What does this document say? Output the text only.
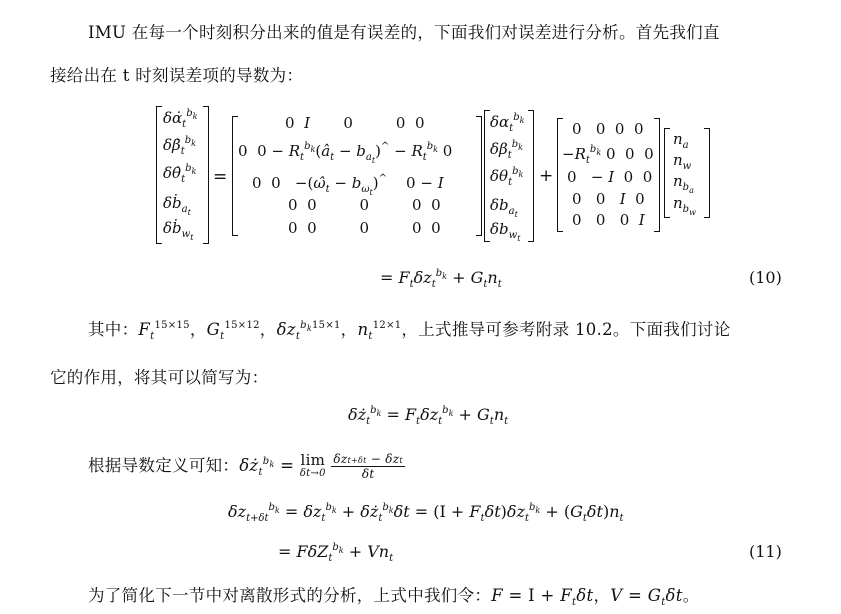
IMU 在每一个时刻积分出来的值是有误差的，下面我们对误差进行分析。首先我们直
接给出在 t 时刻误差项的导数为：
$\delta\alphȧ_t^{b_k}$
$\delta\betȧ_t^{b_k}$
$\delta\thetȧ_t^{b_k}$
δḃ$_{a_t}$
δḃ$_{w_t}$
=
0  I       0         0  0
0  $0 - R_t^{b_k}(â_t - b_{a_t})^{\^{}} - R_t^{b_k}$ 0
0  $0 -(\omegâ_t - b_{\omega_t})^{\^{}}$    0 − I
0  0         0         0  0
0  0         0         0  0
$\delta\alpha_t^{b_k}$
$\delta\beta_t^{b_k}$
$\delta\theta_t^{b_k}$
$\delta b_{a_t}$
$\delta b_{w_t}$
+
0   0  0  0
$-R_t^{b_k}$ 0  0  0
0   − I  0  0
0   0   I  0
0   0   0  I
$n_a$
$n_w$
$n_{b_a}$
$n_{b_w}$
= $F_t\delta z_t^{b_k} + G_tn_t$	(10)
其中：$F_t^{15\times 15}$，$G_t^{15\times 12}$，$\delta z_t^{b_k15\times 1}$，$n_t^{12\times 1}$，上式推导可参考附录 10.2。下面我们讨论
它的作用，将其可以简写为：
$\delta ż_t^{b_k} = F_t\delta z_t^{b_k} + G_tn_t$
根据导数定义可知：$\delta ż_t^{b_k} = \lim$
δt→0
$\frac{\text{δzt+δt − δzt}}{\delta t}$
$\delta z_{t+\delta t}^{b_k} = \delta z_t^{b_k}$ + $\delta ż_t^{b_k}\delta t = (I + F_t\delta t)\delta z_t^{b_k} + (G_t\delta t)n_t$
= $F\delta Z_t^{b_k} + Vn_t$	(11)
为了简化下一节中对离散形式的分析，上式中我们令：$F = I + F_t\delta t$，$V = G_t\delta t$。
